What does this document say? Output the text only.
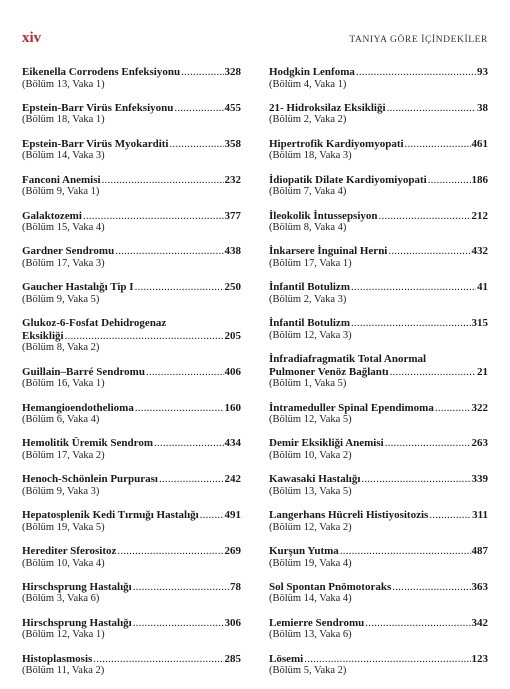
xiv	TANIYA GÖRE İÇİNDEKİLER
Eikenella Corrodens Enfeksiyonu .....	328
(Bölüm 13, Vaka 1)
Epstein-Barr Virüs Enfeksiyonu .....	455
(Bölüm 18, Vaka 1)
Epstein-Barr Virüs Myokarditi .....	358
(Bölüm 14, Vaka 3)
Fanconi Anemisi .....	232
(Bölüm 9, Vaka 1)
Galaktozemi .....	377
(Bölüm 15, Vaka 4)
Gardner Sendromu .....	438
(Bölüm 17, Vaka 3)
Gaucher Hastalığı Tip I .....	250
(Bölüm 9, Vaka 5)
Glukoz-6-Fosfat Dehidrogenaz
Eksikliği .....	205
(Bölüm 8, Vaka 2)
Guillain–Barré Sendromu .....	406
(Bölüm 16, Vaka 1)
Hemangioendothelioma .....	160
(Bölüm 6, Vaka 4)
Hemolitik Üremik Sendrom .....	434
(Bölüm 17, Vaka 2)
Henoch-Schönlein Purpurası .....	242
(Bölüm 9, Vaka 3)
Hepatosplenik Kedi Tırmığı Hastalığı ..... 491
(Bölüm 19, Vaka 5)
Herediter Sferositoz .....	269
(Bölüm 10, Vaka 4)
Hirschsprung Hastalığı .....	78
(Bölüm 3, Vaka 6)
Hirschsprung Hastalığı .....	306
(Bölüm 12, Vaka 1)
Histoplasmosis .....	285
(Bölüm 11, Vaka 2)
Hodgkin Lenfoma .....	93
(Bölüm 4, Vaka 1)
21- Hidroksilaz Eksikliği .....	38
(Bölüm 2, Vaka 2)
Hipertrofik Kardiyomyopati .....	461
(Bölüm 18, Vaka 3)
İdiopatik Dilate Kardiyomiyopati .....	186
(Bölüm 7, Vaka 4)
İleokolik İntussepsiyon .....	212
(Bölüm 8, Vaka 4)
İnkarsere İnguinal Herni .....	432
(Bölüm 17, Vaka 1)
İnfantil Botulizm .....	41
(Bölüm 2, Vaka 3)
İnfantil Botulizm .....	315
(Bölüm 12, Vaka 3)
İnfradiafragmatik Total Anormal
Pulmoner Venöz Bağlantı .....	21
(Bölüm 1, Vaka 5)
İntrameduller Spinal Ependimoma .....	322
(Bölüm 12, Vaka 5)
Demir Eksikliği Anemisi .....	263
(Bölüm 10, Vaka 2)
Kawasaki Hastalığı .....	339
(Bölüm 13, Vaka 5)
Langerhans Hücreli Histiyositozis .....	311
(Bölüm 12, Vaka 2)
Kurşun Yutma .....	487
(Bölüm 19, Vaka 4)
Sol Spontan Pnömotoraks .....	363
(Bölüm 14, Vaka 4)
Lemierre Sendromu .....	342
(Bölüm 13, Vaka 6)
Lösemi .....	123
(Bölüm 5, Vaka 2)
